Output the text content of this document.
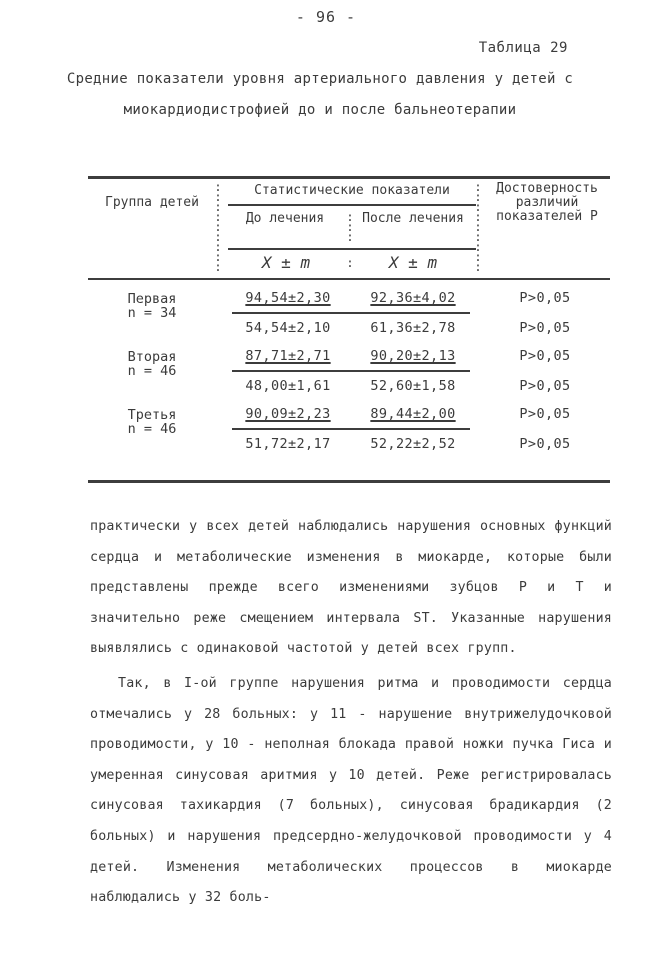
- 96 -
Таблица 29
Средние показатели уровня артериального давления у детей с миокардиодистрофией до и после бальнеотерапии
Группа детей
Статистические показатели
До лечения	После лечения
Достоверность различий показателей Р
X ± m	X ± m
:
:
:
:
:
:
:
:
:
:
:
:
:
:
:
:
:
:
:
:
:
:
Первая
n = 34
94,54±2,30
54,54±2,10
92,36±4,02
61,36±2,78
Р>0,05
Р>0,05
Вторая
n = 46
87,71±2,71
48,00±1,61
90,20±2,13
52,60±1,58
Р>0,05
Р>0,05
Третья
n = 46
90,09±2,23
51,72±2,17
89,44±2,00
52,22±2,52
Р>0,05
Р>0,05

практически у всех детей наблюдались нарушения основных функций сердца и метаболические изменения в миокарде, которые были представлены прежде всего изменениями зубцов Р и Т и значительно реже смещением интервала ST. Указанные нарушения выявлялись с одинаковой частотой у детей всех групп.

Так, в I-ой группе нарушения ритма и проводимости сердца отмечались у 28 больных: у 11 - нарушение внутрижелудочковой проводимости, у 10 - неполная блокада правой ножки пучка Гиса и умеренная синусовая аритмия у 10 детей. Реже регистрировалась синусовая тахикардия (7 больных), синусовая брадикардия (2 больных) и нарушения предсердно-желудочковой проводимости у 4 детей. Изменения метаболических процессов в миокарде наблюдались у 32 боль-
